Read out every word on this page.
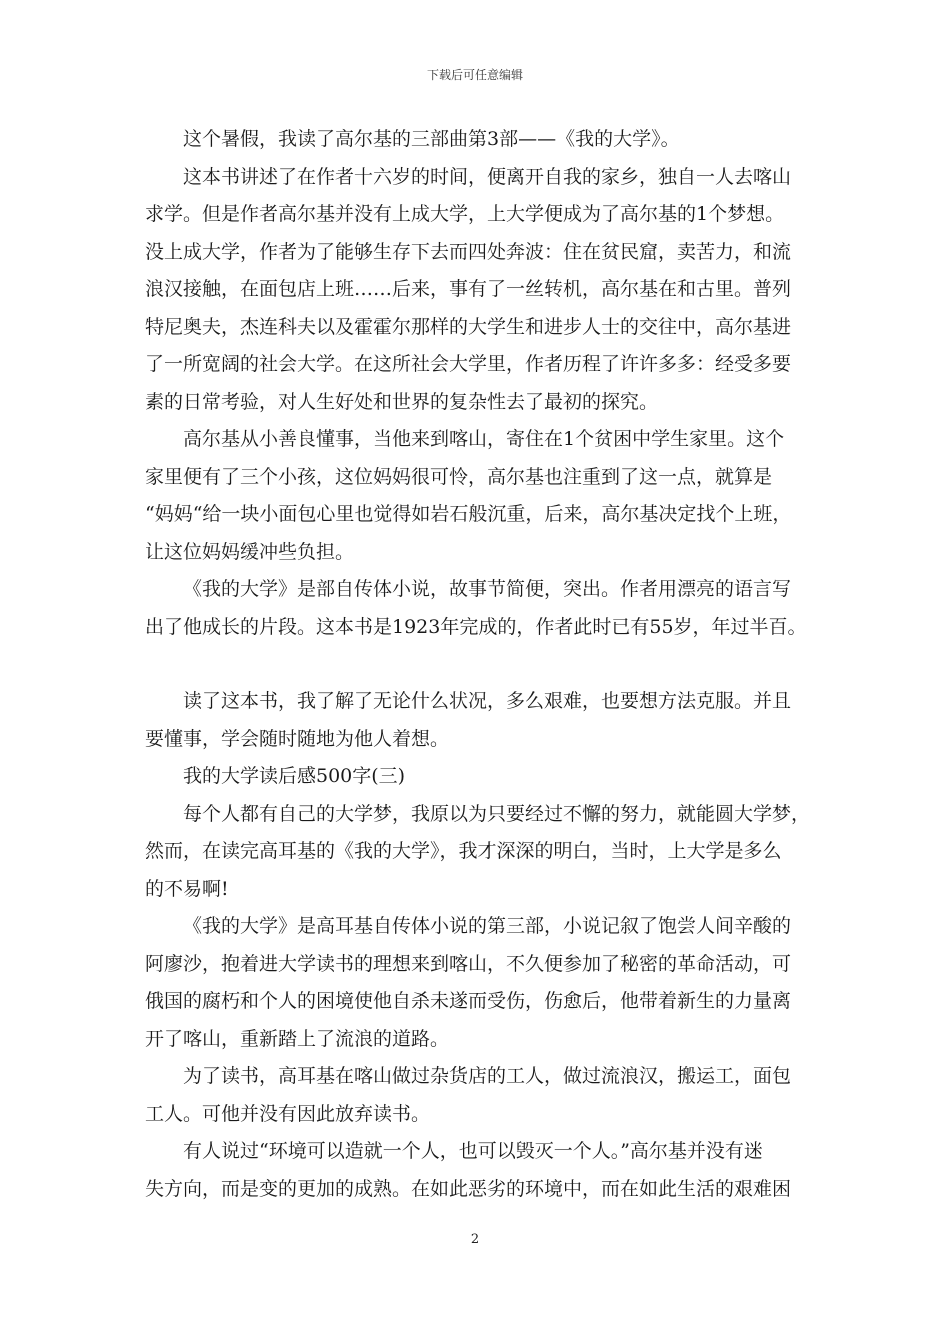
下载后可任意编辑
这个暑假，我读了高尔基的三部曲第3部——《我的大学》。
这本书讲述了在作者十六岁的时间，便离开自我的家乡，独自一人去喀山
求学。但是作者高尔基并没有上成大学，上大学便成为了高尔基的1个梦想。
没上成大学，作者为了能够生存下去而四处奔波：住在贫民窟，卖苦力，和流
浪汉接触，在面包店上班……后来，事有了一丝转机，高尔基在和古里。普列
特尼奥夫，杰连科夫以及霍霍尔那样的大学生和进步人士的交往中，高尔基进
了一所宽阔的社会大学。在这所社会大学里，作者历程了许许多多：经受多要
素的日常考验，对人生好处和世界的复杂性去了最初的探究。
高尔基从小善良懂事，当他来到喀山，寄住在1个贫困中学生家里。这个
家里便有了三个小孩，这位妈妈很可怜，高尔基也注重到了这一点，就算是
“妈妈“给一块小面包心里也觉得如岩石般沉重，后来，高尔基决定找个上班，
让这位妈妈缓冲些负担。
《我的大学》是部自传体小说，故事节简便，突出。作者用漂亮的语言写
出了他成长的片段。这本书是1923年完成的，作者此时已有55岁，年过半百。
读了这本书，我了解了无论什么状况，多么艰难，也要想方法克服。并且
要懂事，学会随时随地为他人着想。
我的大学读后感500字(三)
每个人都有自己的大学梦，我原以为只要经过不懈的努力，就能圆大学梦，
然而，在读完高耳基的《我的大学》，我才深深的明白，当时，上大学是多么
的不易啊!
《我的大学》是高耳基自传体小说的第三部，小说记叙了饱尝人间辛酸的
阿廖沙，抱着进大学读书的理想来到喀山，不久便参加了秘密的革命活动，可
俄国的腐朽和个人的困境使他自杀未遂而受伤，伤愈后，他带着新生的力量离
开了喀山，重新踏上了流浪的道路。
为了读书，高耳基在喀山做过杂货店的工人，做过流浪汉，搬运工，面包
工人。可他并没有因此放弃读书。
有人说过“环境可以造就一个人，也可以毁灭一个人。”高尔基并没有迷
失方向，而是变的更加的成熟。在如此恶劣的环境中，而在如此生活的艰难困
2
